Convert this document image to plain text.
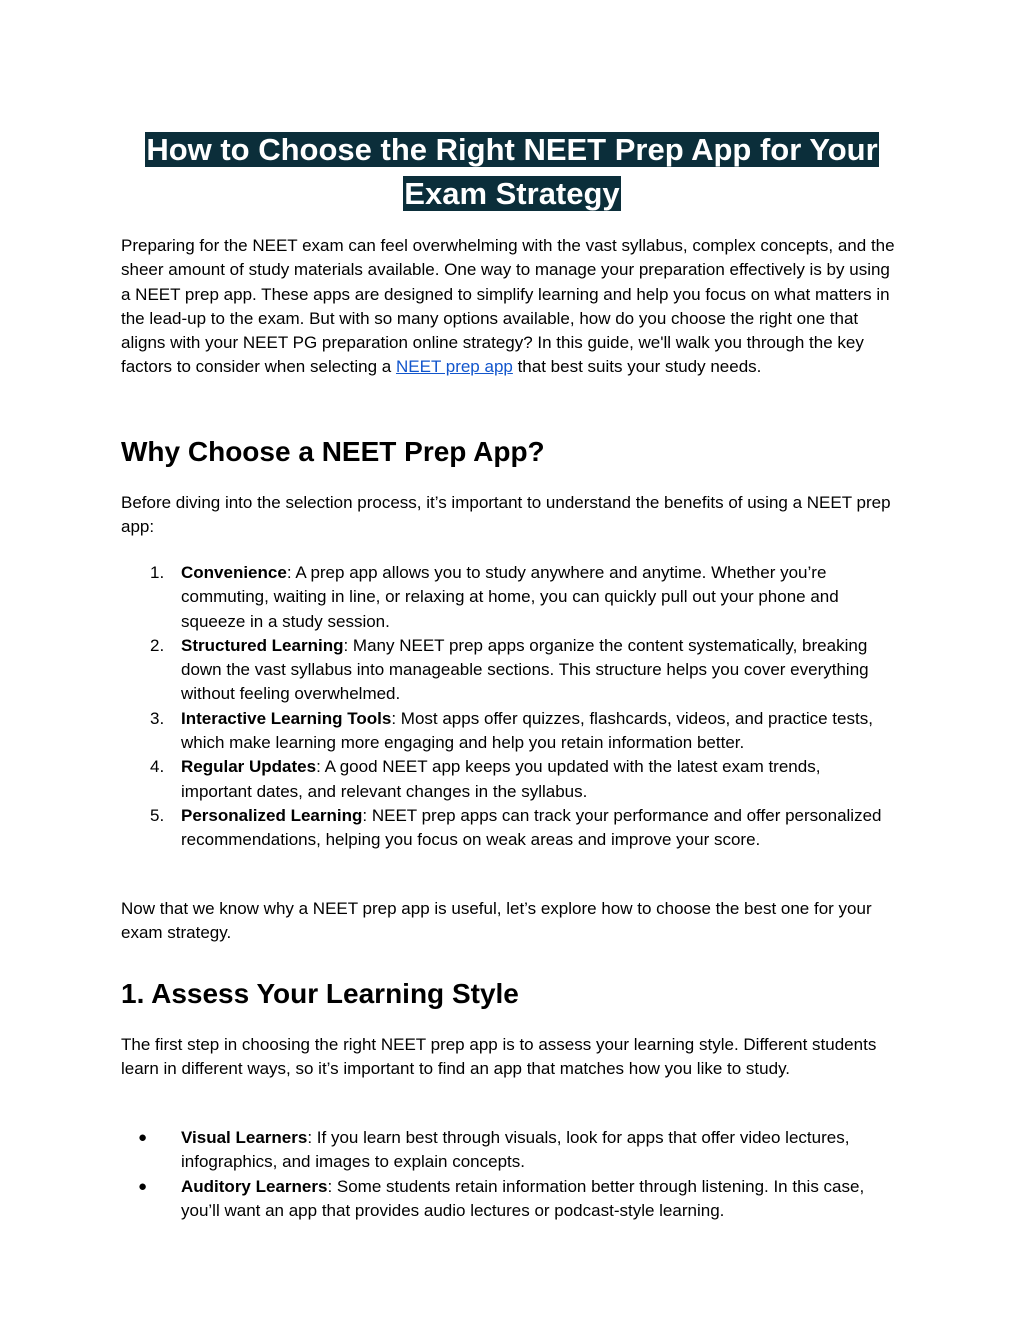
How to Choose the Right NEET Prep App for Your
Exam Strategy

Preparing for the NEET exam can feel overwhelming with the vast syllabus, complex concepts, and the sheer amount of study materials available. One way to manage your preparation effectively is by using a NEET prep app. These apps are designed to simplify learning and help you focus on what matters in the lead-up to the exam. But with so many options available, how do you choose the right one that aligns with your NEET PG preparation online strategy? In this guide, we'll walk you through the key factors to consider when selecting a NEET prep app that best suits your study needs.

Why Choose a NEET Prep App?

Before diving into the selection process, it’s important to understand the benefits of using a NEET prep app:

1. Convenience: A prep app allows you to study anywhere and anytime. Whether you’re commuting, waiting in line, or relaxing at home, you can quickly pull out your phone and squeeze in a study session.
2. Structured Learning: Many NEET prep apps organize the content systematically, breaking down the vast syllabus into manageable sections. This structure helps you cover everything without feeling overwhelmed.
3. Interactive Learning Tools: Most apps offer quizzes, flashcards, videos, and practice tests, which make learning more engaging and help you retain information better.
4. Regular Updates: A good NEET app keeps you updated with the latest exam trends, important dates, and relevant changes in the syllabus.
5. Personalized Learning: NEET prep apps can track your performance and offer personalized recommendations, helping you focus on weak areas and improve your score.

Now that we know why a NEET prep app is useful, let’s explore how to choose the best one for your exam strategy.

1. Assess Your Learning Style

The first step in choosing the right NEET prep app is to assess your learning style. Different students learn in different ways, so it’s important to find an app that matches how you like to study.

● Visual Learners: If you learn best through visuals, look for apps that offer video lectures, infographics, and images to explain concepts.
● Auditory Learners: Some students retain information better through listening. In this case, you’ll want an app that provides audio lectures or podcast-style learning.
